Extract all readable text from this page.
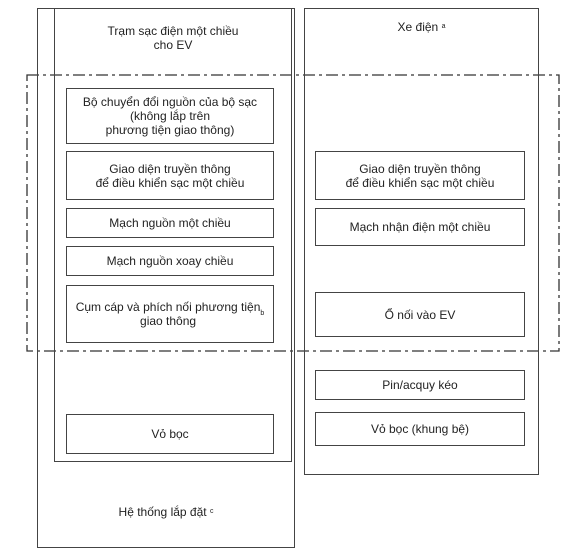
Trạm sạc điện một chiều
cho EV
Bộ chuyển đổi nguồn của bộ sạc
(không lắp trên
phương tiện giao thông)
Giao diện truyền thông
để điều khiển sạc một chiều
Mạch nguồn một chiều
Mạch nguồn xoay chiều
Cụm cáp và phích nối phương tiện
giao thông
b
Vỏ bọc
Hệ thống lắp đặt
c
Xe điện
a
Giao diện truyền thông
để điều khiển sạc một chiều
Mạch nhận điện một chiều
Ổ nối vào EV
Pin/acquy kéo
Vỏ bọc (khung bệ)
